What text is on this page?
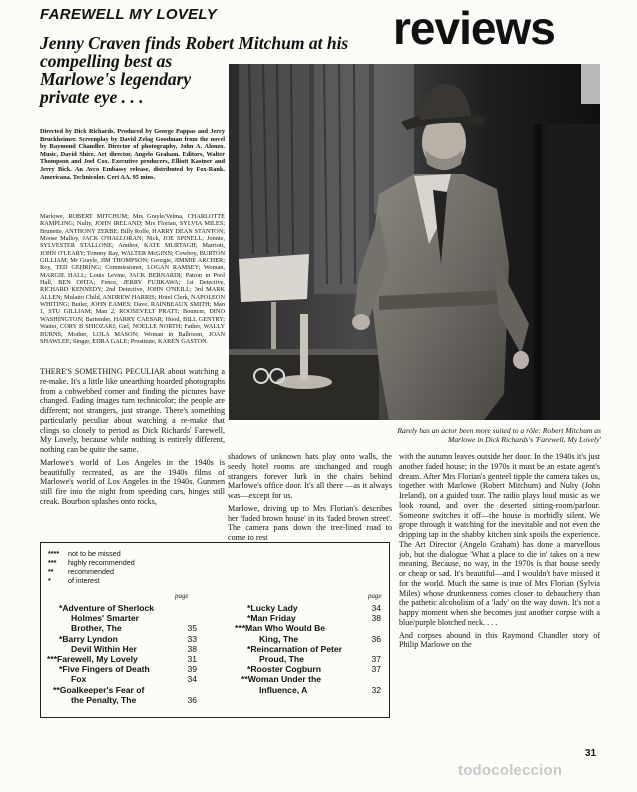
FAREWELL MY LOVELY	reviews
Jenny Craven finds Robert Mitchum at his
compelling best as
Marlowe's legendary
private eye . . .
Directed by Dick Richards. Produced by George Pappas and Jerry Bruckheimer. Screenplay by David Zelag Goodman from the novel by Raymond Chandler. Director of photography, John A. Alonzo. Music, David Shire. Art director, Angelo Graham. Editors, Walter Thompson and Joel Cox. Executive producers, Elliott Kastner and Jerry Bick. An Avco Embassy release, distributed by Fox-Rank. Americana. Technicolor. Cert AA. 95 mins.
Marlowe, ROBERT MITCHUM; Mrs Grayle/Velma, CHARLOTTE RAMPLING; Nulty, JOHN IRELAND; Mrs Florian, SYLVIA MILES; Brunette, ANTHONY ZERBE; Billy Rolfe, HARRY DEAN STANTON; Moose Malloy, JACK O'HALLORAN; Nick, JOE SPINELL; Jonnie, SYLVESTER STALLONE; Amthor, KATE MURTAGH; Marriott, JOHN O'LEARY; Tommy Ray, WALTER McGINN; Cowboy, BURTON GILLIAM; Mr Grayle, JIM THOMPSON; Georgie, JIMMIE ARCHER; Roy, TED GEHRING; Commissioner, LOGAN RAMSEY; Woman, MARGIE HALL; Louis Levine, JACK BERNARDI; Patron in Pool Hall, BEN OHTA; Fence, JERRY FUJIKAWA; 1st Detective, RICHARD KENNEDY; 2nd Detective, JOHN O'NEILL; 3rd MARK ALLEN; Mulatto Child, ANDREW HARRIS; Hotel Clerk, NAPOLEON WHITING; Butler, JOHN EAMES; Dave, RAINBEAUX SMITH; Man 1, STU GILLIAM; Man 2, ROOSEVELT PRATT; Bouncer, DINO WASHINGTON; Bartender, HARRY CAESAR; Hood, BILL GENTRY; Waiter, CORY B SHIOZAKI; Girl, NOELLE NORTH; Father, WALLY BURNS; Mother, LOLA MASON; Woman in Ballroom, JOAN SHAWLEE; Singer, EDRA GALE; Prostitute, KAREN GASTON.
Rarely has an actor been more suited to a rôle: Robert Mitchum as
Marlowe in Dick Richards's 'Farewell, My Lovely'

THERE'S SOMETHING PECULIAR about watching a re-make. It's a little like unearthing hoarded photographs from a cobwebbed corner and finding the pictures have changed. Fading images turn technicolor; the people are different; not strangers, just strange. There's something particularly peculiar about watching a re-make that clings so closely to period as Dick Richards' Farewell, My Lovely, because while nothing is entirely different, nothing can be quite the same.

Marlowe's world of Los Angeles in the 1940s is beautifully recreated, as are the 1940s films of Marlowe's world of Los Angeles in the 1940s. Gunmen still fire into the night from speeding cars, hinges still creak. Bourbon splashes onto rocks,

shadows of unknown hats play onto walls, the seedy hotel rooms are unchanged and rough strangers forever lurk in the chairs behind Marlowe's office door. It's all there —as it always was—except for us.

Marlowe, driving up to Mrs Florian's describes her 'faded brown house' in its 'faded brown street'. The camera pans down the tree-lined road to come to rest

with the autumn leaves outside her door. In the 1940s it's just another faded house; in the 1970s it must be an estate agent's dream. After Mrs Florian's genteel tipple the camera takes us, together with Marlowe (Robert Mitchum) and Nulty (John Ireland), on a guided tour. The radio plays loud music as we look round, and over the deserted sitting-room/parlour. Someone switches it off—the house is morbidly silent. We grope through it watching for the inevitable and not even the dripping tap in the shabby kitchen sink spoils the experience. The Art Director (Angelo Graham) has done a marvellous job, but the dialogue 'What a place to die in' takes on a new meaning. Because, no way, in the 1970s is that house seedy or cheap or sad. It's beautiful—and I wouldn't have missed it for the world. Much the same is true of Mrs Florian (Sylvia Miles) whose drunkenness comes closer to debauchery than the pathetic alcoholism of a 'lady' on the way down. It's not a happy moment when she becomes just another corpse with a blue/purple blotched neck. . . .

And corpses abound in this Raymond Chandler story of Philip Marlowe on the

**** not to be missed
*** highly recommended
** recommended
* of interest
page	page
*Adventure of Sherlock
Holmes' Smarter
Brother, The	35
*Barry Lyndon	33
Devil Within Her	38
***Farewell, My Lovely	31
*Five Fingers of Death	39
Fox	34
**Goalkeeper's Fear of
the Penalty, The	36
*Lucky Lady	34
*Man Friday	38
***Man Who Would Be
King, The	36
*Reincarnation of Peter
Proud, The	37
*Rooster Cogburn	37
**Woman Under the
Influence, A	32
31
todocoleccion
